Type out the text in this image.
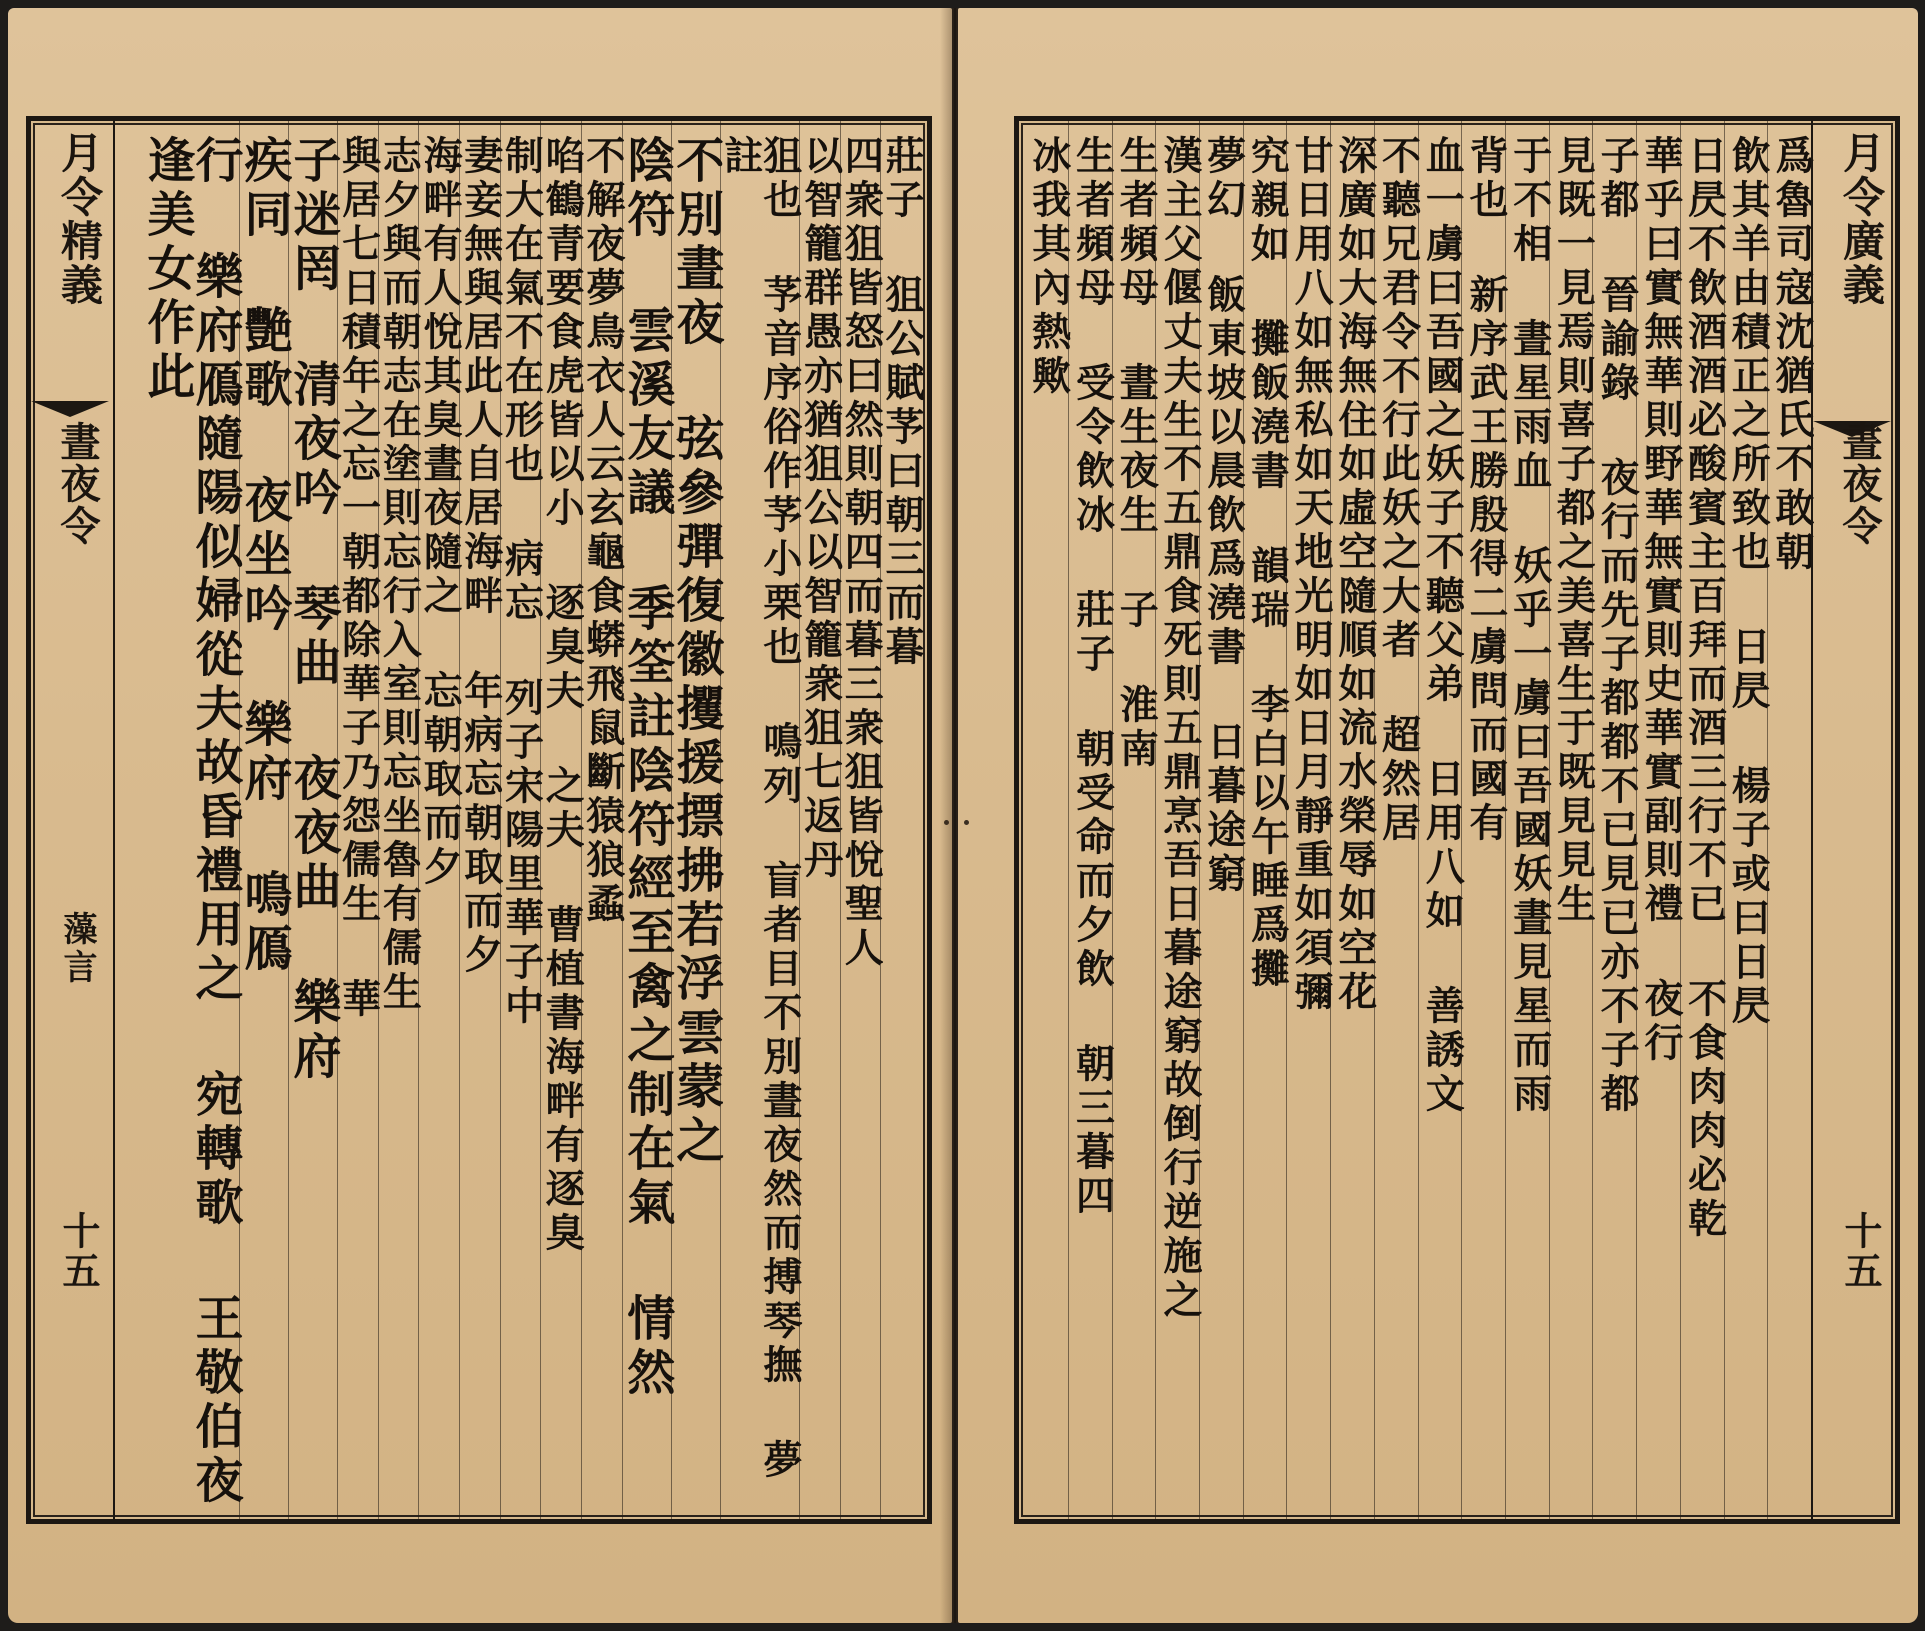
月令精義
晝夜令
藻言
十五
莊子 狙公賦芧曰朝三而暮
四衆狙皆怒曰然則朝四而暮三衆狙皆悅聖人
以智籠群愚亦猶狙公以智籠衆狙七返丹
狙也 芧音序俗作芧小栗也 鳴列 盲者目不別晝夜然而搏琴撫 夢註
不別晝夜 弦參彈復徽攫援摽拂若浮雲蒙之
陰符 雲溪友議 季筌註陰符經至禽之制在氣 情然
不解夜夢鳥衣人云玄龜食蟒飛鼠斷猿狼蟊
啗鶴青要食虎皆以小 逐臭夫 之夫 曹植書海畔有逐臭
制大在氣不在形也 病忘 列子宋陽里華子中
妻妾無與居此人自居海畔 年病忘朝取而夕
海畔有人悅其臭晝夜隨之 忘朝取而夕
志夕與而朝志在塗則忘行入室則忘坐魯有儒生
與居七日積年之忘一朝都除華子乃怨儒生 華
子迷罔 清夜吟 琴曲 夜夜曲 樂府
疾同 艷歌 夜坐吟 樂府 鳴鴈
行 樂府鴈隨陽似婦從夫故昏禮用之 宛轉歌 王敬伯夜逢美女作此	爲魯司寇沈猶氏不敢朝
飲其羊由積正之所致也 日昃 楊子或曰日昃
日昃不飲酒酒必酸賓主百拜而酒三行不已 不食肉肉必乾
華乎曰實無華則野華無實則史華實副則禮 夜行
子都 晉諭錄 夜行而先子都都不已見已亦不子都
見既一見焉則喜子都之美喜生于既見見生
于不相 晝星雨血 妖乎一虜曰吾國妖晝見星而雨
背也 新序武王勝殷得二虜問而國有
血一虜曰吾國之妖子不聽父弟 日用八如 善誘文
不聽兄君令不行此妖之大者 超然居
深廣如大海無住如虛空隨順如流水榮辱如空花
甘日用八如無私如天地光明如日月靜重如須彌
究親如 攤飯澆書 韻瑞 李白以午睡爲攤
夢幻 飯東坡以晨飲爲澆書 日暮途窮
漢主父偃丈夫生不五鼎食死則五鼎烹吾日暮途窮故倒行逆施之
生者頻母 晝生夜生 子 淮南
生者頻母 受令飲冰 莊子 朝受命而夕飲 朝三暮四
冰我其內熱歟	月令廣義
晝夜令
十五
